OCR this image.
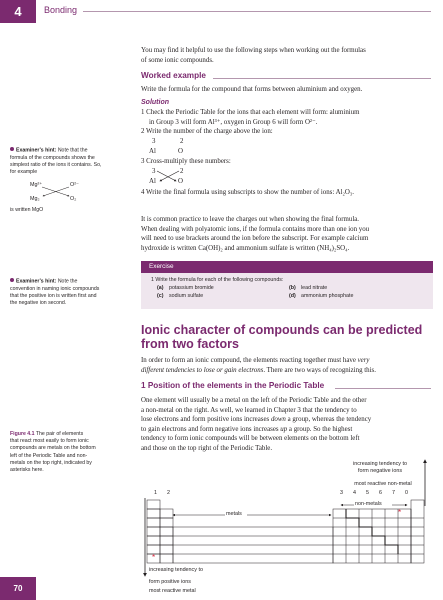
4	Bonding
You may find it helpful to use the following steps when working out the formulas
of some ionic compounds.
Worked example
Write the formula for the compound that forms between aluminium and oxygen.
Solution
1 Check the Periodic Table for the ions that each element will form: aluminium
in Group 3 will form Al³⁺, oxygen in Group 6 will form O²⁻.
2 Write the number of the charge above the ion:
3	2
Al	O
3 Cross-multiply these numbers:
3	2
Al	O
4 Write the final formula using subscripts to show the number of ions: Al₂O₃.
Examiner’s hint: Note that the
formula of the compounds shows the
simplest ratio of the ions it contains. So,
for example
Mg²⁺	O²⁻
Mg₂	O₂
is written MgO
It is common practice to leave the charges out when showing the final formula.
When dealing with polyatomic ions, if the formula contains more than one ion you
will need to use brackets around the ion before the subscript. For example calcium
hydroxide is written Ca(OH)₂ and ammonium sulfate is written (NH₄)₂SO₄.
Examiner’s hint: Note the
convention in naming ionic compounds
that the positive ion is written first and
the negative ion second.
Exercise
1 Write the formula for each of the following compounds:
(a) potassium bromide	(b) lead nitrate
(c) sodium sulfate	(d) ammonium phosphate
Ionic character of compounds can be predicted
from two factors
In order to form an ionic compound, the elements reacting together must have very
different tendencies to lose or gain electrons. There are two ways of recognizing this.
1 Position of the elements in the Periodic Table
One element will usually be a metal on the left of the Periodic Table and the other
a non-metal on the right. As well, we learned in Chapter 3 that the tendency to
lose electrons and form positive ions increases down a group, whereas the tendency
to gain electrons and form negative ions increases up a group. So the highest
tendency to form ionic compounds will be between elements on the bottom left
and those on the top right of the Periodic Table.
Figure 4.1 The pair of elements
that react most easily to form ionic
compounds are metals on the bottom
left of the Periodic Table and non-
metals on the top right, indicated by
asterisks here.
increasing tendency to
form negative ions
most reactive non-metal
1 2	3 4 5 6 7 0
metals
non-metals
*
*
increasing tendency to
form positive ions
most reactive metal
70
